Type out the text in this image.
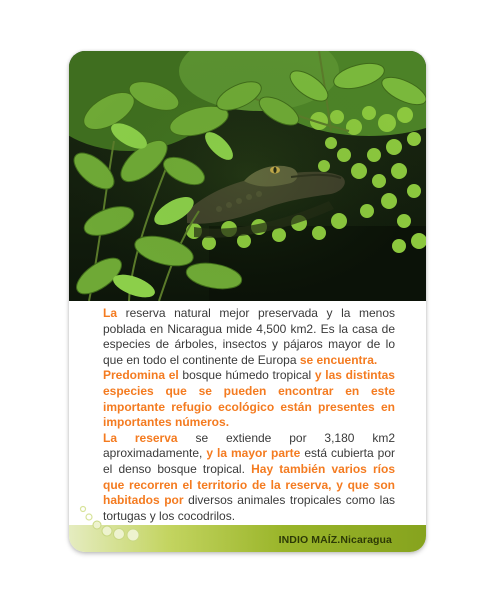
La reserva natural mejor preservada y la menos poblada en Nicaragua mide 4,500 km2. Es la casa de especies de árboles, insectos y pájaros mayor de lo que en todo el continente de Europa se encuentra.
Predomina el bosque húmedo tropical y las distintas especies que se pueden encontrar en este importante refugio ecológico están presentes en importantes números.

La reserva se extiende por 3,180 km2 aproximadamente, y la mayor parte está cubierta por el denso bosque tropical. Hay también varios ríos que recorren el territorio de la reserva, y que son habitados por diversos animales tropicales como las tortugas y los cocodrilos.

INDIO MAÍZ.Nicaragua
